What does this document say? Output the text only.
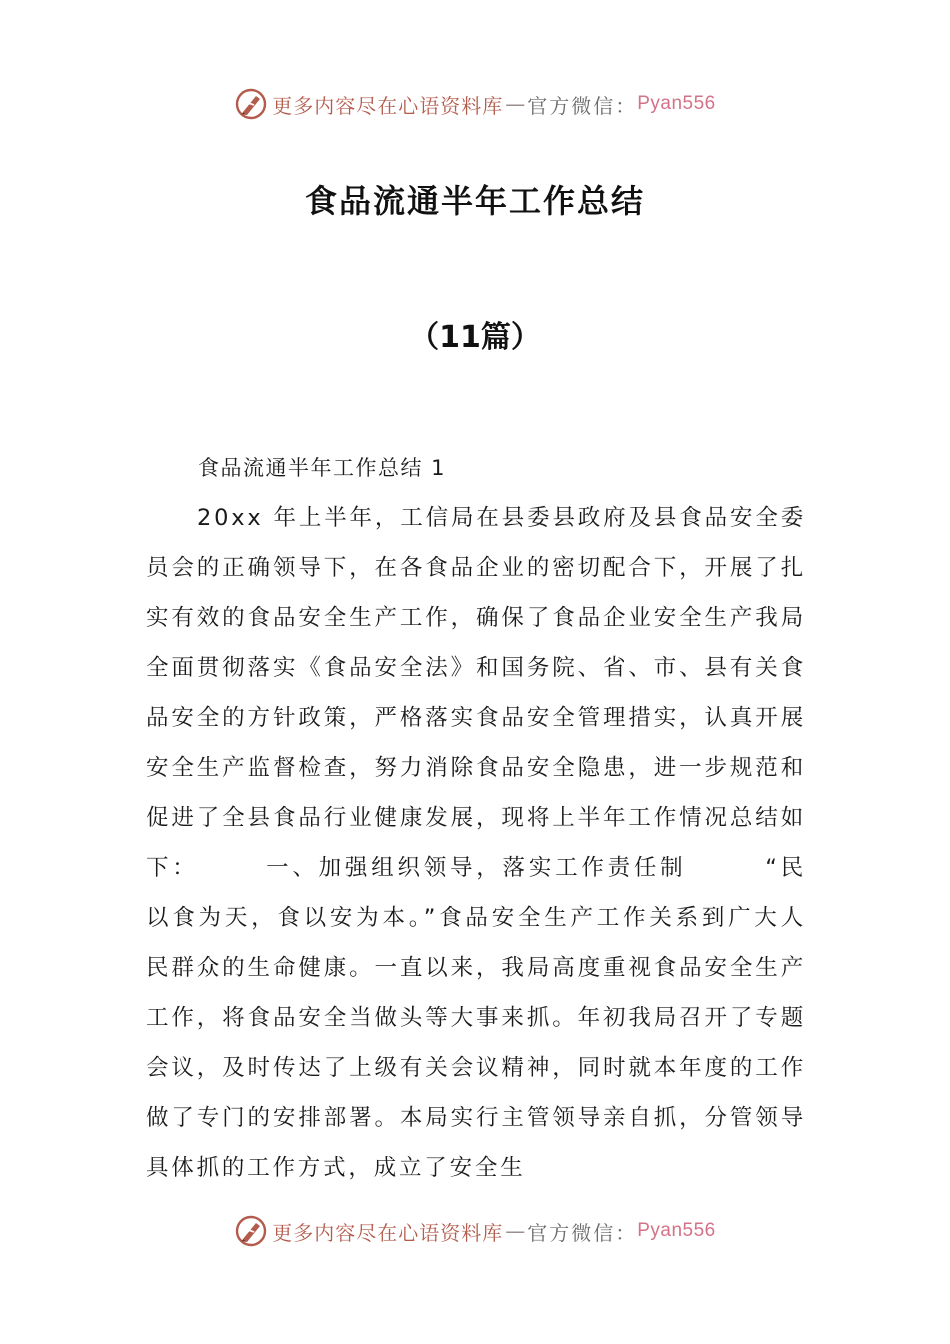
更多内容尽在心语资料库 — 官方微信： Pyan556
食品流通半年工作总结
（11篇）
食品流通半年工作总结 1

20xx 年上半年，工信局在县委县政府及县食品安全委员会的正确领导下，在各食品企业的密切配合下，开展了扎实有效的食品安全生产工作，确保了食品企业安全生产我局全面贯彻落实《食品安全法》和国务院、省、市、县有关食品安全的方针政策，严格落实食品安全管理措实，认真开展安全生产监督检查，努力消除食品安全隐患，进一步规范和促进了全县食品行业健康发展，现将上半年工作情况总结如下：　　　一、加强组织领导，落实工作责任制　　　“民以食为天，食以安为本。”食品安全生产工作关系到广大人民群众的生命健康。一直以来，我局高度重视食品安全生产工作，将食品安全当做头等大事来抓。年初我局召开了专题会议，及时传达了上级有关会议精神，同时就本年度的工作做了专门的安排部署。本局实行主管领导亲自抓，分管领导具体抓的工作方式，成立了安全生

更多内容尽在心语资料库 — 官方微信： Pyan556
